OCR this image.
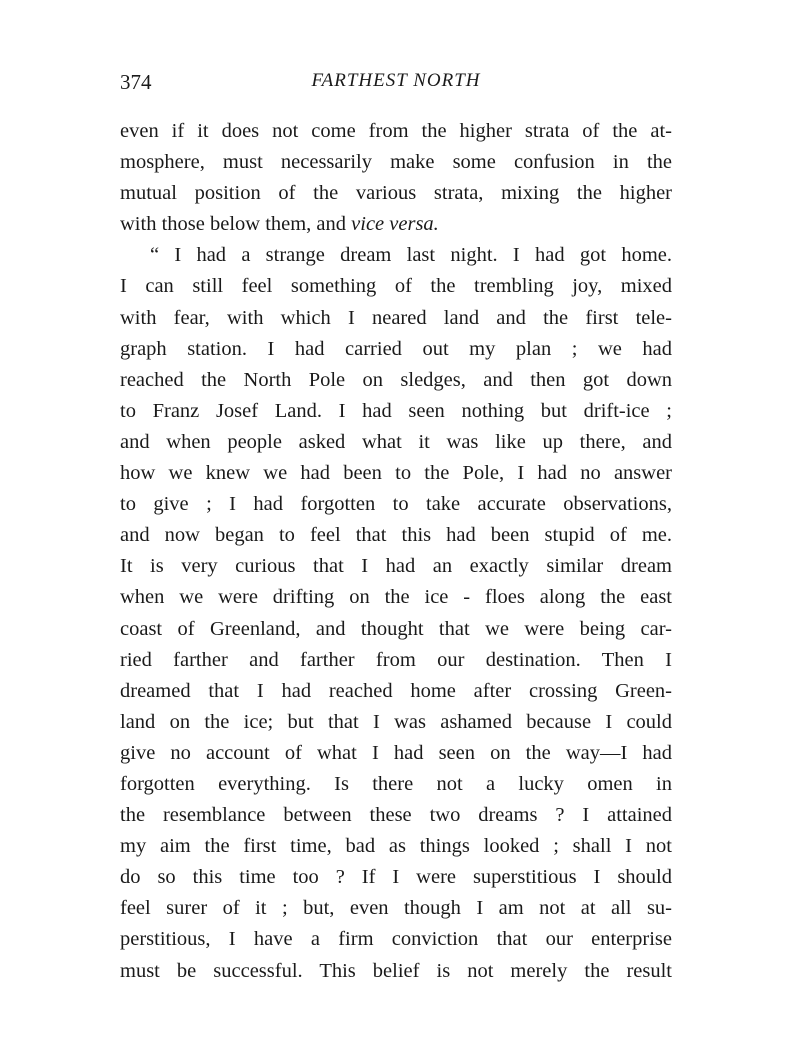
374	FARTHEST NORTH
even if it does not come from the higher strata of the at-
mosphere, must necessarily make some confusion in the
mutual position of the various strata, mixing the higher
with those below them, and vice versa.
“ I had a strange dream last night. I had got home.
I can still feel something of the trembling joy, mixed
with fear, with which I neared land and the first tele-
graph station. I had carried out my plan ; we had
reached the North Pole on sledges, and then got down
to Franz Josef Land. I had seen nothing but drift-ice ;
and when people asked what it was like up there, and
how we knew we had been to the Pole, I had no answer
to give ; I had forgotten to take accurate observations,
and now began to feel that this had been stupid of me.
It is very curious that I had an exactly similar dream
when we were drifting on the ice - floes along the east
coast of Greenland, and thought that we were being car-
ried farther and farther from our destination. Then I
dreamed that I had reached home after crossing Green-
land on the ice; but that I was ashamed because I could
give no account of what I had seen on the way—I had
forgotten everything. Is there not a lucky omen in
the resemblance between these two dreams ? I attained
my aim the first time, bad as things looked ; shall I not
do so this time too ? If I were superstitious I should
feel surer of it ; but, even though I am not at all su-
perstitious, I have a firm conviction that our enterprise
must be successful. This belief is not merely the result
